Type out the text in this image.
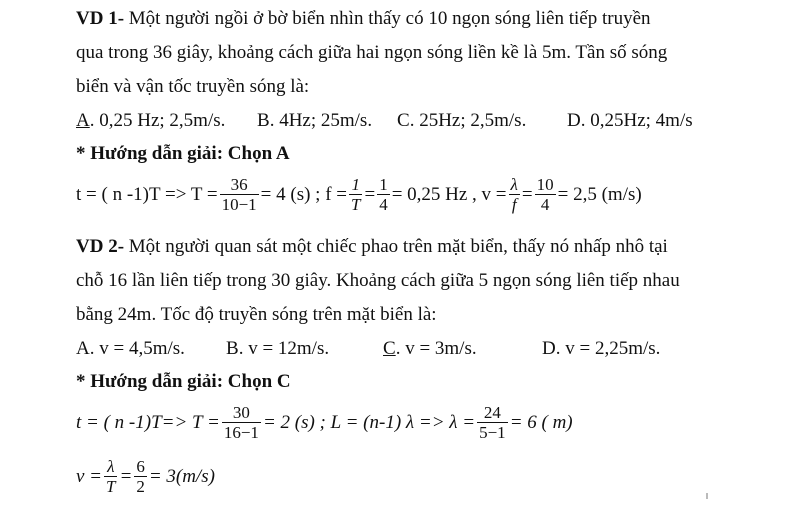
VD 1- Một người ngồi ở bờ biển nhìn thấy có 10 ngọn sóng liên tiếp truyền
qua trong 36 giây, khoảng cách giữa hai ngọn sóng liền kề là 5m. Tần số sóng
biển và vận tốc truyền sóng là:
A. 0,25 Hz; 2,5m/s. B. 4Hz; 25m/s. C. 25Hz; 2,5m/s. D. 0,25Hz; 4m/s
* Hướng dẫn giải: Chọn A
t = ( n $-1)T => T = \frac{36}{10-1} = 4$ (s) ; $f = \frac{1}{T} = \frac{1}{4} = 0,25$ Hz , $v = \frac{\lambda}{f} = \frac{10}{4} = 2,5$ (m/s)
VD 2- Một người quan sát một chiếc phao trên mặt biển, thấy nó nhấp nhô tại
chỗ 16 lần liên tiếp trong 30 giây. Khoảng cách giữa 5 ngọn sóng liên tiếp nhau
bằng 24m. Tốc độ truyền sóng trên mặt biển là:
A. v = 4,5m/s. B. v = 12m/s.	C. v = 3m/s.	D. v = 2,25m/s.
* Hướng dẫn giải: Chọn C
t = ( n $-1)T=> T = \frac{30}{16-1} = 2$ (s) ; L = (n-1) $\lambda => \lambda = \frac{24}{5-1} = 6$ ( m)
$v = \frac{\lambda}{T} = \frac{6}{2} = 3(m/s)$
